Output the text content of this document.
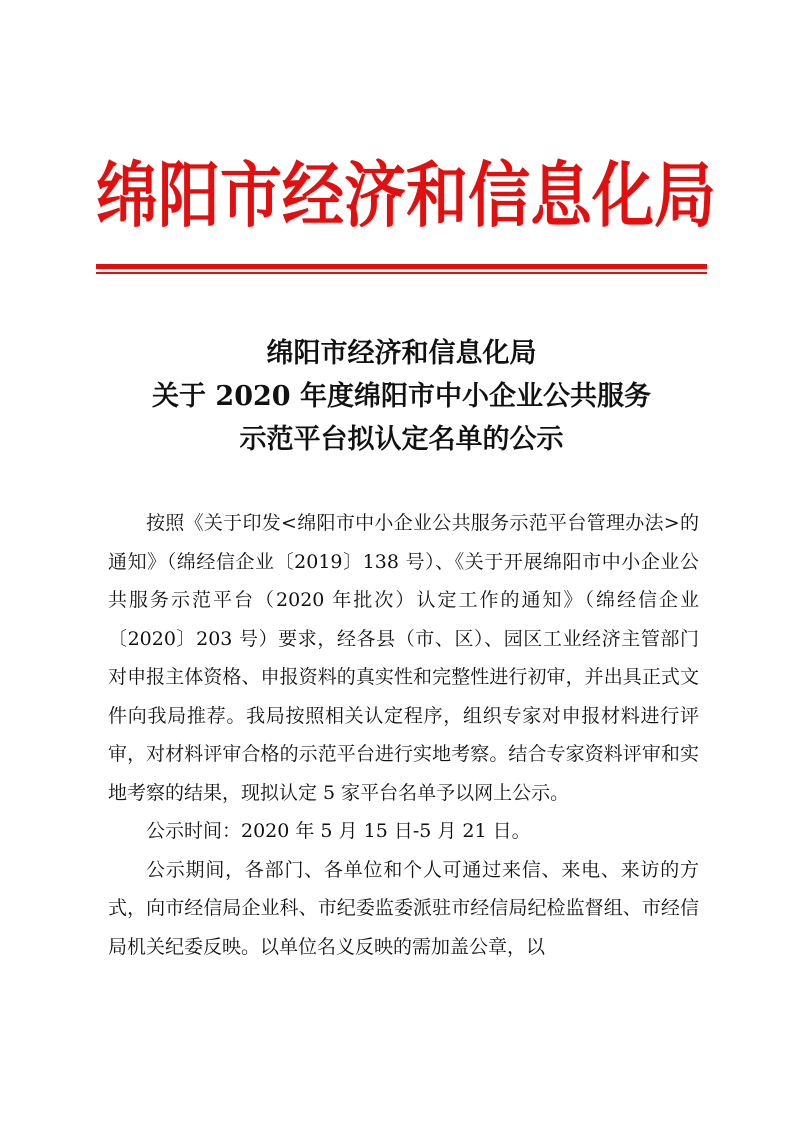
绵阳市经济和信息化局
绵阳市经济和信息化局
关于 2020 年度绵阳市中小企业公共服务
示范平台拟认定名单的公示

按照《关于印发<绵阳市中小企业公共服务示范平台管理办法>的通知》（绵经信企业〔2019〕138 号）、《关于开展绵阳市中小企业公共服务示范平台（2020 年批次）认定工作的通知》（绵经信企业〔2020〕203 号）要求，经各县（市、区）、园区工业经济主管部门对申报主体资格、申报资料的真实性和完整性进行初审，并出具正式文件向我局推荐。我局按照相关认定程序，组织专家对申报材料进行评审，对材料评审合格的示范平台进行实地考察。结合专家资料评审和实地考察的结果，现拟认定 5 家平台名单予以网上公示。

公示时间：2020 年 5 月 15 日-5 月 21 日。

公示期间，各部门、各单位和个人可通过来信、来电、来访的方式，向市经信局企业科、市纪委监委派驻市经信局纪检监督组、市经信局机关纪委反映。以单位名义反映的需加盖公章，以
